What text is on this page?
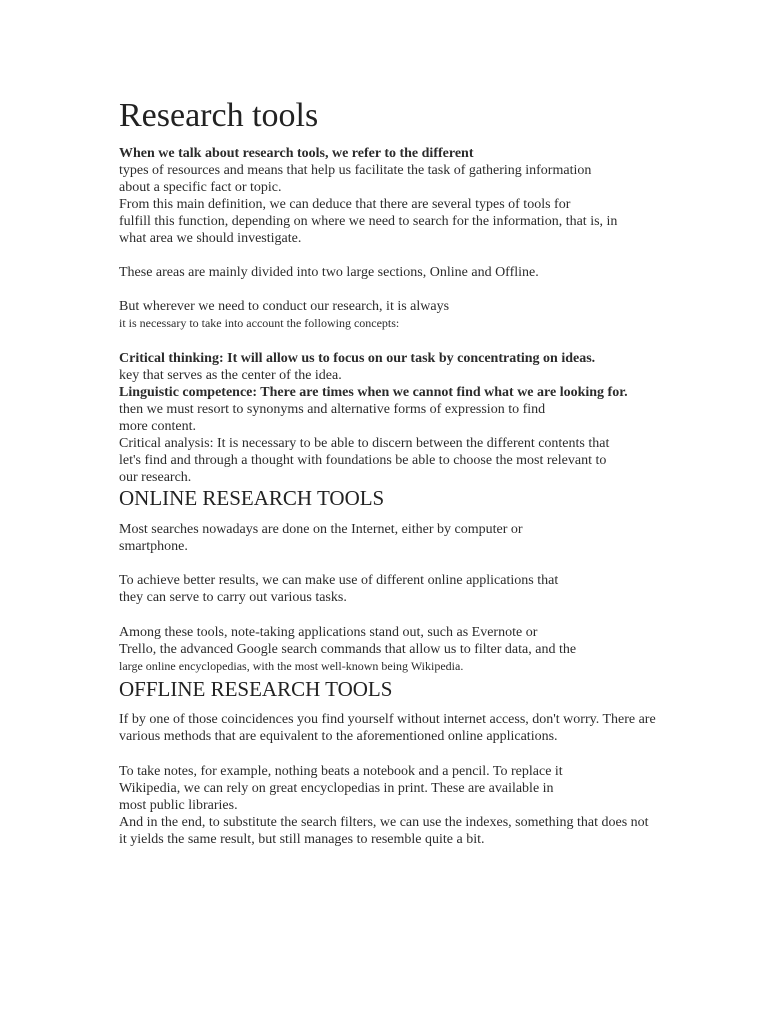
Research tools
When we talk about research tools, we refer to the different
types of resources and means that help us facilitate the task of gathering information
about a specific fact or topic.
From this main definition, we can deduce that there are several types of tools for
fulfill this function, depending on where we need to search for the information, that is, in
what area we should investigate.
These areas are mainly divided into two large sections, Online and Offline.
But wherever we need to conduct our research, it is always
it is necessary to take into account the following concepts:
Critical thinking: It will allow us to focus on our task by concentrating on ideas.
key that serves as the center of the idea.
Linguistic competence: There are times when we cannot find what we are looking for.
then we must resort to synonyms and alternative forms of expression to find
more content.
Critical analysis: It is necessary to be able to discern between the different contents that
let's find and through a thought with foundations be able to choose the most relevant to
our research.
ONLINE RESEARCH TOOLS
Most searches nowadays are done on the Internet, either by computer or
smartphone.
To achieve better results, we can make use of different online applications that
they can serve to carry out various tasks.
Among these tools, note-taking applications stand out, such as Evernote or
Trello, the advanced Google search commands that allow us to filter data, and the
large online encyclopedias, with the most well-known being Wikipedia.
OFFLINE RESEARCH TOOLS
If by one of those coincidences you find yourself without internet access, don't worry. There are
various methods that are equivalent to the aforementioned online applications.
To take notes, for example, nothing beats a notebook and a pencil. To replace it
Wikipedia, we can rely on great encyclopedias in print. These are available in
most public libraries.
And in the end, to substitute the search filters, we can use the indexes, something that does not
it yields the same result, but still manages to resemble quite a bit.
